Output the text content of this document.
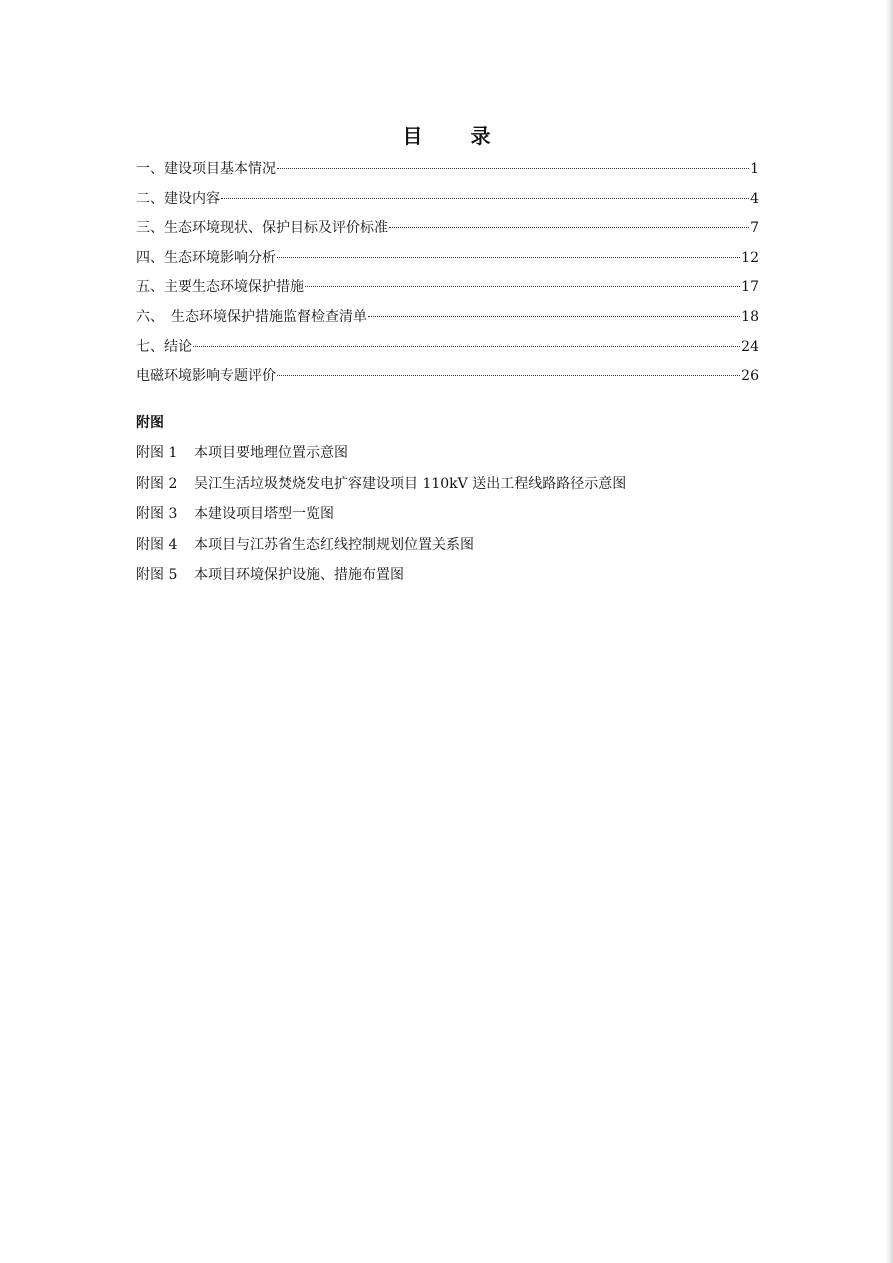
目　录
一、建设项目基本情况	1
二、建设内容	4
三、生态环境现状、保护目标及评价标准	7
四、生态环境影响分析	12
五、主要生态环境保护措施	17
六、　生态环境保护措施监督检查清单	18
七、结论	24
电磁环境影响专题评价	26
附图
附图 1 本项目要地理位置示意图
附图 2 吴江生活垃圾焚烧发电扩容建设项目 110kV 送出工程线路路径示意图
附图 3 本建设项目塔型一览图
附图 4 本项目与江苏省生态红线控制规划位置关系图
附图 5 本项目环境保护设施、措施布置图
